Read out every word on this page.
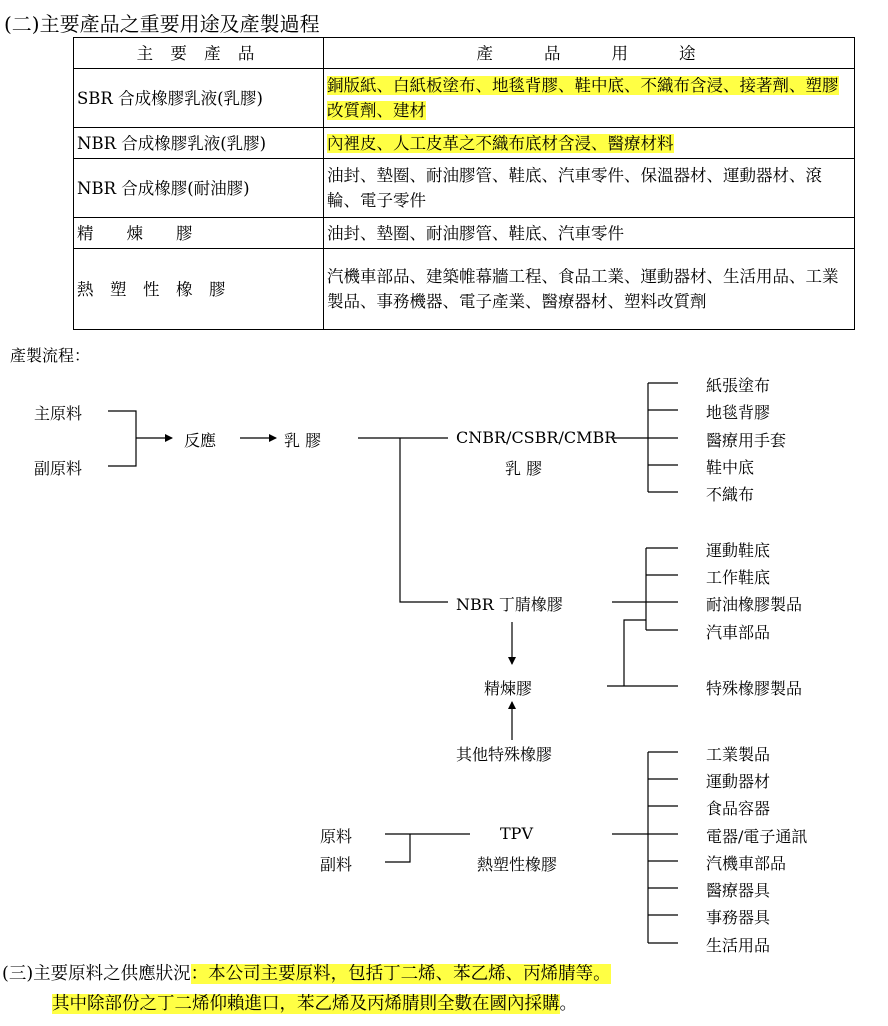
(二)主要產品之重要用途及產製過程
主 要 產 品	產　　品　　用　　途
SBR 合成橡膠乳液(乳膠)	銅版紙、白紙板塗布、地毯背膠、鞋中底、不織布含浸、接著劑、塑膠改質劑、建材
NBR 合成橡膠乳液(乳膠)	內裡皮、人工皮革之不織布底材含浸、醫療材料
NBR 合成橡膠(耐油膠)	油封、墊圈、耐油膠管、鞋底、汽車零件、保溫器材、運動器材、滾輪、電子零件
精　　煉　　膠	油封、墊圈、耐油膠管、鞋底、汽車零件
熱　塑　性　橡　膠	汽機車部品、建築帷幕牆工程、食品工業、運動器材、生活用品、工業製品、事務機器、電子產業、醫療器材、塑料改質劑
產製流程：
主原料
副原料
反應	乳 膠	CNBR/CSBR/CMBR
乳 膠
紙張塗布
地毯背膠
醫療用手套
鞋中底
不織布
NBR 丁腈橡膠
運動鞋底
工作鞋底
耐油橡膠製品
汽車部品
精煉膠	特殊橡膠製品
其他特殊橡膠
原料
副料
TPV
熱塑性橡膠
工業製品
運動器材
食品容器
電器/電子通訊
汽機車部品
醫療器具
事務器具
生活用品
(三)主要原料之供應狀況：本公司主要原料，包括丁二烯、苯乙烯、丙烯腈等。
其中除部份之丁二烯仰賴進口，苯乙烯及丙烯腈則全數在國內採購。
